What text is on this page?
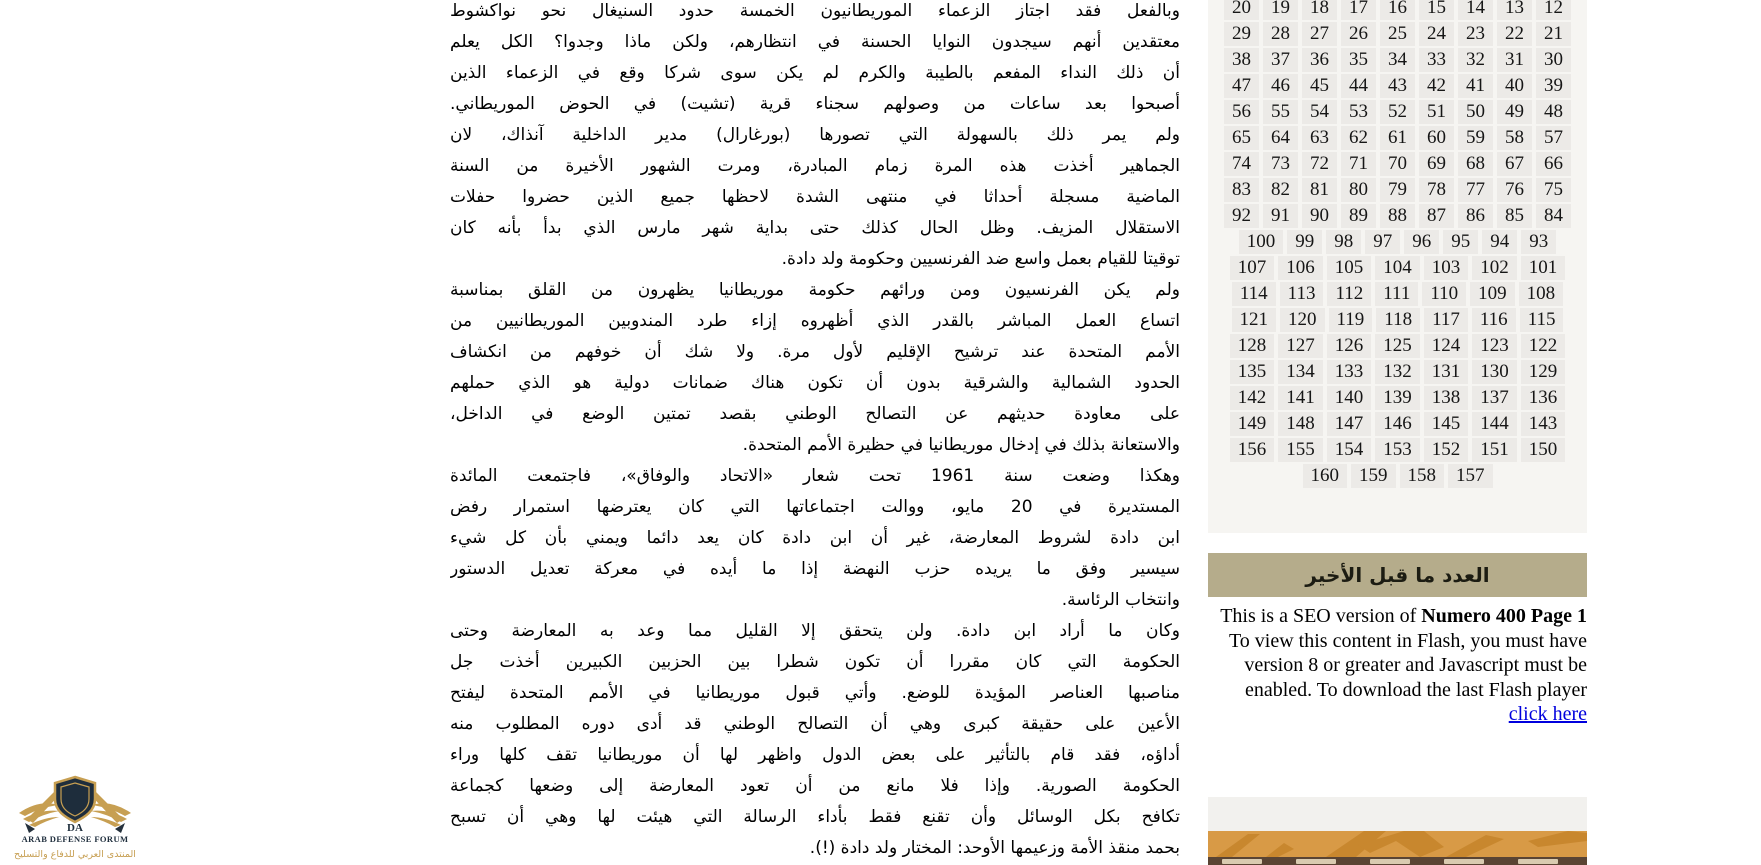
وبالفعل فقد اجتاز الزعماء الموريطانيون الخمسة حدود السنيغال نحو نواكشوط
معتقدين أنهم سيجدون النوايا الحسنة في انتظارهم، ولكن ماذا وجدوا؟ الكل يعلم
أن ذلك النداء المفعم بالطيبة والكرم لم يكن سوى شركا وقع في الزعماء الذين
أصبحوا بعد ساعات من وصولهم سجناء قرية (تشيت) في الحوض الموريطاني.
ولم يمر ذلك بالسهولة التي تصورها (بورغارال) مدير الداخلية آنذاك، لان
الجماهير أخذت هذه المرة زمام المبادرة، ومرت الشهور الأخيرة من السنة
الماضية مسجلة أحداثا في منتهى الشدة لاحظها جميع الذين حضروا حفلات
الاستقلال المزيف. وظل الحال كذلك حتى بداية شهر مارس الذي بدأ بأنه كان
توقيتا للقيام بعمل واسع ضد الفرنسيين وحكومة ولد دادة.
ولم يكن الفرنسيون ومن ورائهم حكومة موريطانيا يظهرون من القلق بمناسبة
اتساع العمل المباشر بالقدر الذي أظهروه إزاء طرد المندوبين الموريطانيين من
الأمم المتحدة عند ترشيح الإقليم لأول مرة. ولا شك أن خوفهم من انكشاف
الحدود الشمالية والشرقية بدون أن تكون هناك ضمانات دولية هو الذي حملهم
على معاودة حديثهم عن التصالح الوطني بقصد تمتين الوضع في الداخل،
والاستعانة بذلك في إدخال موريطانيا في حظيرة الأمم المتحدة.
وهكذا وضعت سنة 1961 تحت شعار «الاتحاد والوفاق»، فاجتمعت المائدة
المستديرة في 20 مايو، ووالت اجتماعاتها التي كان يعترضها استمرار رفض
ابن دادة لشروط المعارضة، غير أن ابن دادة كان يعد دائما ويمني بأن كل شيء
سيسير وفق ما يريده حزب النهضة إذا ما أيده في معركة تعديل الدستور
وانتخاب الرئاسة.
وكان ما أراد ابن دادة. ولن يتحقق إلا القليل مما وعد به المعارضة وحتى
الحكومة التي كان مقررا أن تكون شطرا بين الحزبين الكبيرين أخذت جل
مناصبها العناصر المؤيدة للوضع. وأتي قبول موريطانيا في الأمم المتحدة ليفتح
الأعين على حقيقة كبرى وهي أن التصالح الوطني قد أدى دوره المطلوب منه
أداؤه، فقد قام بالتأثير على بعض الدول واظهر لها أن موريطانيا تقف كلها وراء
الحكومة الصورية. وإذا فلا مانع من أن تعود المعارضة إلى وضعها كجماعة
تكافح بكل الوسائل وأن تقنع فقط بأداء الرسالة التي هيئت لها وهي أن تسبح
بحمد منقذ الأمة وزعيمها الأوحد: المختار ولد دادة (!).
20 19 18 17 16 15 14 13 12
29 28 27 26 25 24 23 22 21
38 37 36 35 34 33 32 31 30
47 46 45 44 43 42 41 40 39
56 55 54 53 52 51 50 49 48
65 64 63 62 61 60 59 58 57
74 73 72 71 70 69 68 67 66
83 82 81 80 79 78 77 76 75
92 91 90 89 88 87 86 85 84
100 99 98 97 96 95 94 93
107 106 105 104 103 102 101
114 113 112 111 110 109 108
121 120 119 118 117 116 115
128 127 126 125 124 123 122
135 134 133 132 131 130 129
142 141 140 139 138 137 136
149 148 147 146 145 144 143
156 155 154 153 152 151 150
160 159 158 157
العدد ما قبل الأخير
This is a SEO version of Numero 400 Page 1
To view this content in Flash, you must have version 8 or greater and Javascript must be enabled. To download the last Flash player click here
DA
ARAB DEFENSE FORUM
المنتدى العربي للدفاع والتسليح
